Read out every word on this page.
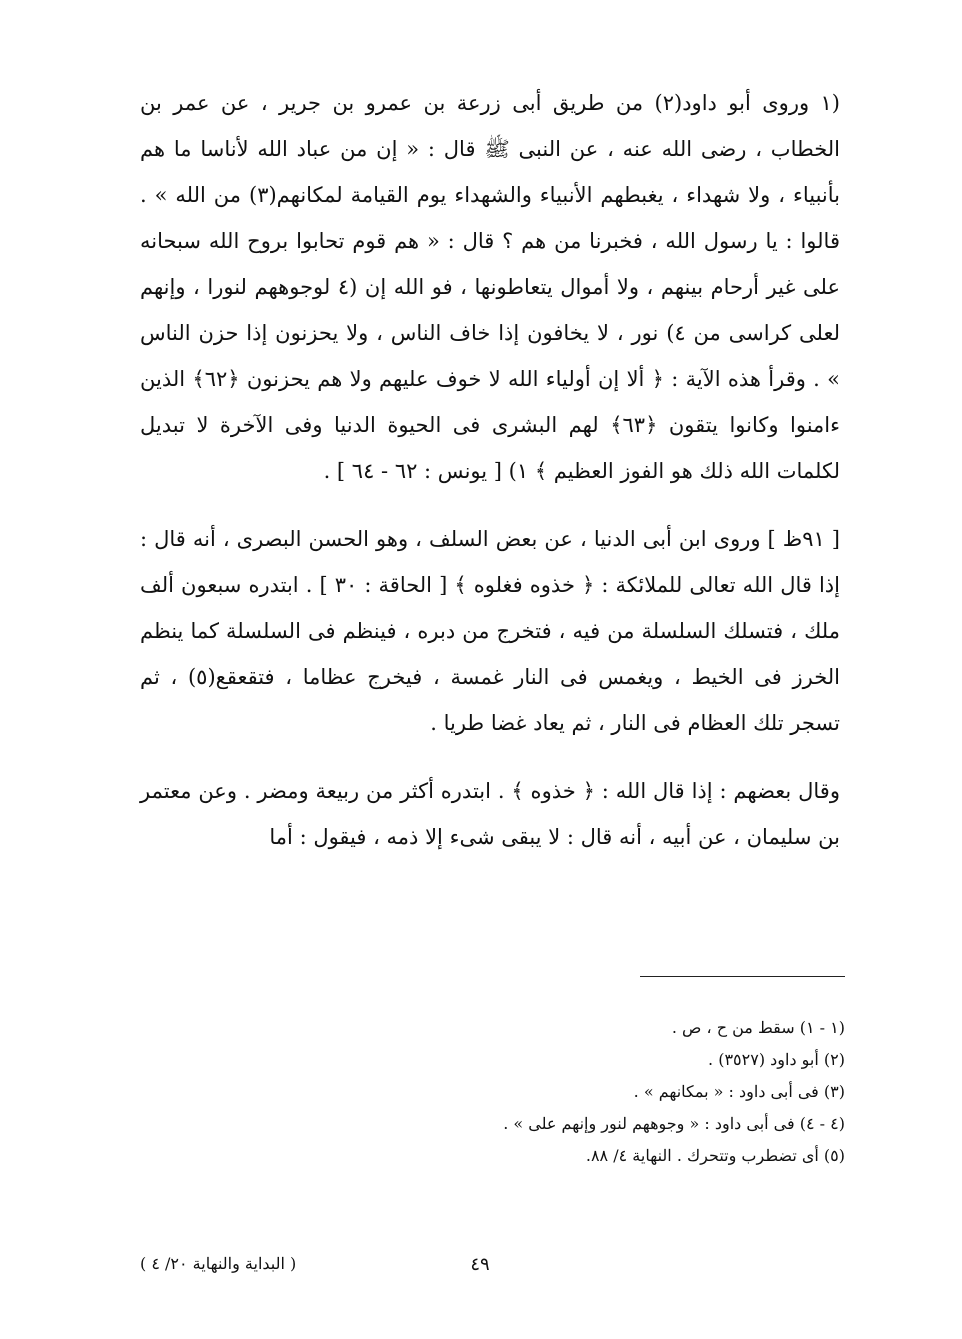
(١ وروى أبو داود(٢) من طريق أبى زرعة بن عمرو بن جرير ، عن عمر بن الخطاب ، رضى الله عنه ، عن النبى ﷺ قال : « إن من عباد الله لأناسا ما هم بأنبياء ، ولا شهداء ، يغبطهم الأنبياء والشهداء يوم القيامة لمكانهم(٣) من الله » . قالوا : يا رسول الله ، فخبرنا من هم ؟ قال : « هم قوم تحابوا بروح الله سبحانه على غير أرحام بينهم ، ولا أموال يتعاطونها ، فو الله إن (٤ لوجوههم لنورا ، وإنهم لعلى كراسى من ٤) نور ، لا يخافون إذا خاف الناس ، ولا يحزنون إذا حزن الناس » . وقرأ هذه الآية : ﴿ ألا إن أولياء الله لا خوف عليهم ولا هم يحزنون ﴿٦٢﴾ الذين ءامنوا وكانوا يتقون ﴿٦٣﴾ لهم البشرى فى الحيوة الدنيا وفى الآخرة لا تبديل لكلمات الله ذلك هو الفوز العظيم ﴾ ١) [ يونس : ٦٢ - ٦٤ ] .

[ ٩١ظ ] وروى ابن أبى الدنيا ، عن بعض السلف ، وهو الحسن البصرى ، أنه قال : إذا قال الله تعالى للملائكة : ﴿ خذوه فغلوه ﴾ [ الحاقة : ٣٠ ] . ابتدره سبعون ألف ملك ، فتسلك السلسلة من فيه ، فتخرج من دبره ، فينظم فى السلسلة كما ينظم الخرز فى الخيط ، ويغمس فى النار غمسة ، فيخرج عظاما ، فتقعقع(٥) ، ثم تسجر تلك العظام فى النار ، ثم يعاد غضا طريا .

وقال بعضهم : إذا قال الله : ﴿ خذوه ﴾ . ابتدره أكثر من ربيعة ومضر . وعن معتمر بن سليمان ، عن أبيه ، أنه قال : لا يبقى شىء إلا ذمه ، فيقول : أما

(١ - ١) سقط من ح ، ص .
(٢) أبو داود (٣٥٢٧) .
(٣) فى أبى داود : « بمكانهم » .
(٤ - ٤) فى أبى داود : « وجوههم لنور وإنهم على » .
(٥) أى تضطرب وتتحرك . النهاية ٤/ ٨٨.
٤٩
( البداية والنهاية ٢٠/ ٤ )
